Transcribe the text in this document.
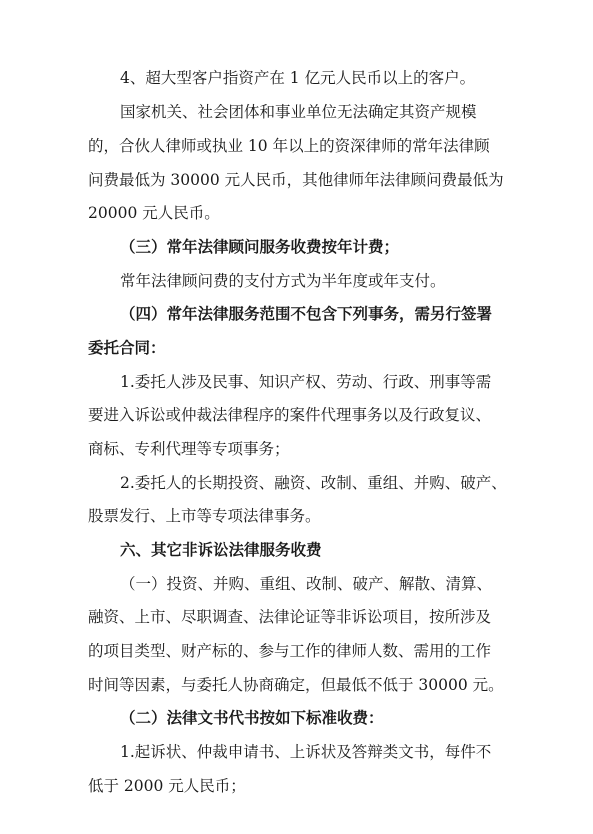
4、超大型客户指资产在 1 亿元人民币以上的客户。
国家机关、社会团体和事业单位无法确定其资产规模
的，合伙人律师或执业 10 年以上的资深律师的常年法律顾
问费最低为 30000 元人民币，其他律师年法律顾问费最低为
20000 元人民币。
（三）常年法律顾问服务收费按年计费；
常年法律顾问费的支付方式为半年度或年支付。
（四）常年法律服务范围不包含下列事务，需另行签署
委托合同：
1.委托人涉及民事、知识产权、劳动、行政、刑事等需
要进入诉讼或仲裁法律程序的案件代理事务以及行政复议、
商标、专利代理等专项事务；
2.委托人的长期投资、融资、改制、重组、并购、破产、
股票发行、上市等专项法律事务。
六、其它非诉讼法律服务收费
（一）投资、并购、重组、改制、破产、解散、清算、
融资、上市、尽职调查、法律论证等非诉讼项目，按所涉及
的项目类型、财产标的、参与工作的律师人数、需用的工作
时间等因素，与委托人协商确定，但最低不低于 30000 元。
（二）法律文书代书按如下标准收费：
1.起诉状、仲裁申请书、上诉状及答辩类文书，每件不
低于 2000 元人民币；
